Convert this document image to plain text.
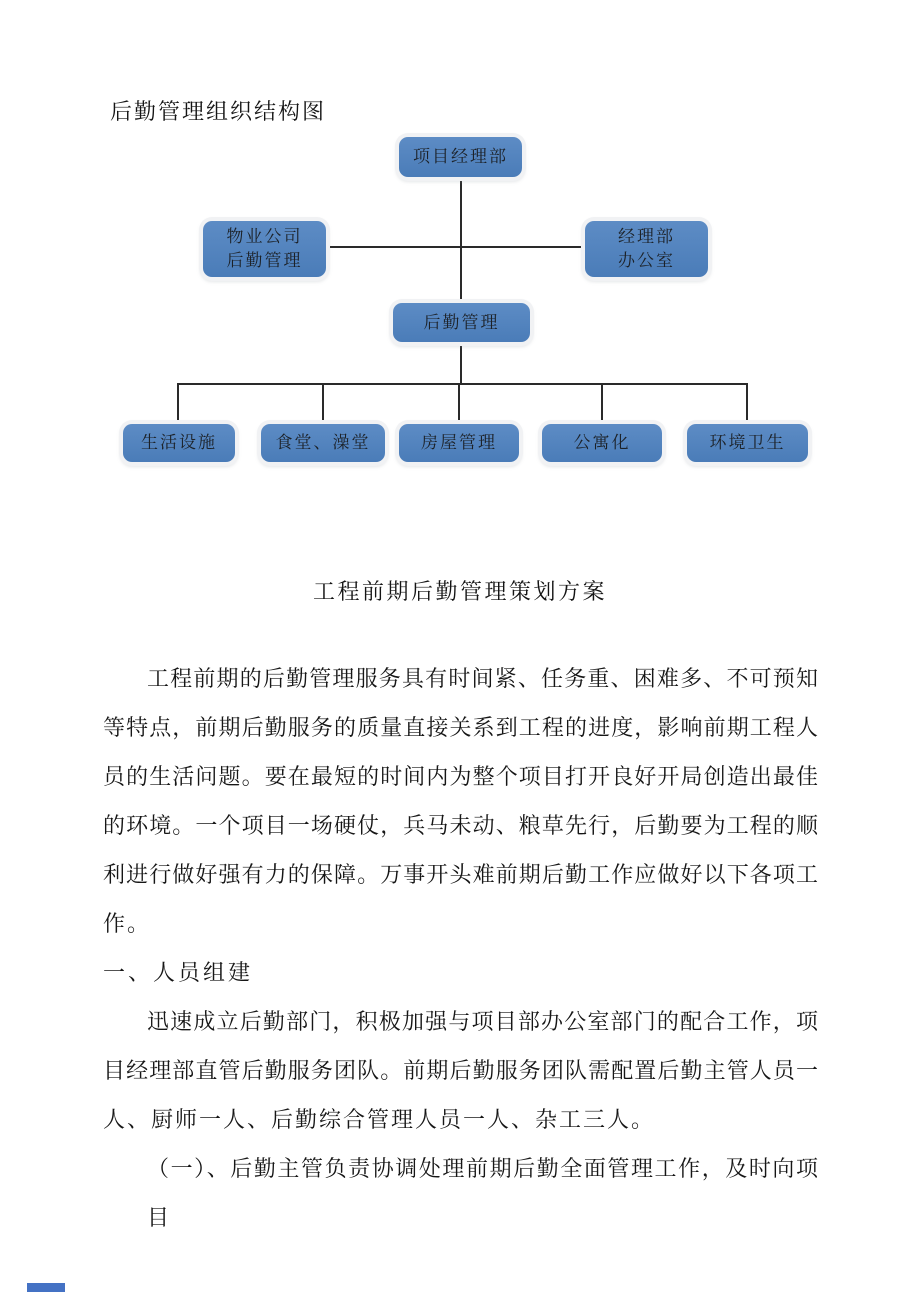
后勤管理组织结构图
项目经理部
物业公司
后勤管理
经理部
办公室
后勤管理
生活设施	食堂、澡堂	房屋管理	公寓化	环境卫生
工程前期后勤管理策划方案
工程前期的后勤管理服务具有时间紧、任务重、困难多、不可预知
等特点，前期后勤服务的质量直接关系到工程的进度，影响前期工程人
员的生活问题。要在最短的时间内为整个项目打开良好开局创造出最佳
的环境。一个项目一场硬仗，兵马未动、粮草先行，后勤要为工程的顺
利进行做好强有力的保障。万事开头难前期后勤工作应做好以下各项工
作。
一、人员组建
迅速成立后勤部门，积极加强与项目部办公室部门的配合工作，项
目经理部直管后勤服务团队。前期后勤服务团队需配置后勤主管人员一
人、厨师一人、后勤综合管理人员一人、杂工三人。
（一）、后勤主管负责协调处理前期后勤全面管理工作，及时向项目
